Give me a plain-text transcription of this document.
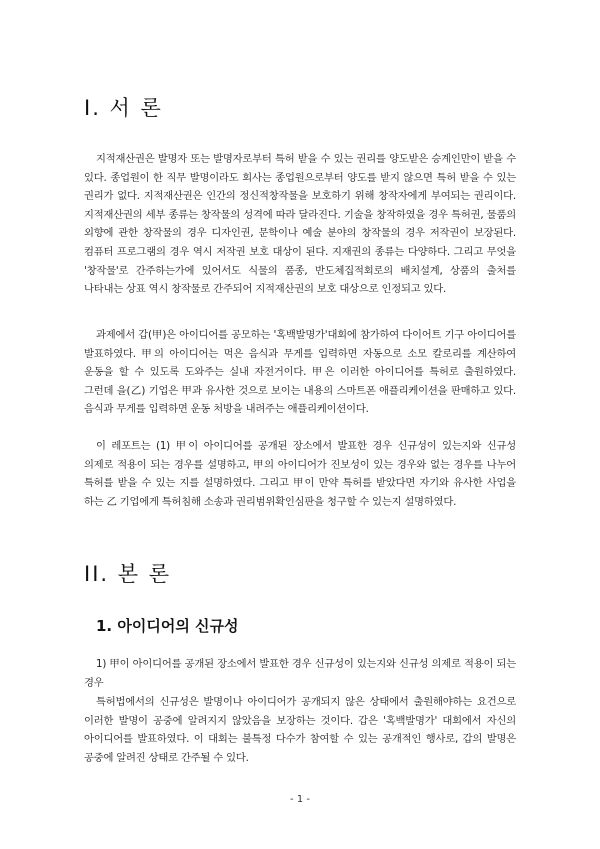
I. 서 론

지적재산권은 발명자 또는 발명자로부터 특허 받을 수 있는 권리를 양도받은 승계인만이 받을 수 있다. 종업원이 한 직무 발명이라도 회사는 종업원으로부터 양도를 받지 않으면 특허 받을 수 있는 권리가 없다. 지적재산권은 인간의 정신적창작물을 보호하기 위해 창작자에게 부여되는 권리이다. 지적재산권의 세부 종류는 창작물의 성격에 따라 달라진다. 기술을 창작하였을 경우 특허권, 물품의 외향에 관한 창작물의 경우 디자인권, 문학이나 예술 분야의 창작물의 경우 저작권이 보장된다. 컴퓨터 프로그램의 경우 역시 저작권 보호 대상이 된다. 지재권의 종류는 다양하다. 그리고 무엇을 '창작물'로 간주하는가에 있어서도 식물의 품종, 반도체집적회로의 배치설계, 상품의 출처를 나타내는 상표 역시 창작물로 간주되어 지적재산권의 보호 대상으로 인정되고 있다.

과제에서 갑(甲)은 아이디어를 공모하는 '혹백발명가'대회에 참가하여 다이어트 기구 아이디어를 발표하였다. 甲의 아이디어는 먹은 음식과 무게를 입력하면 자동으로 소모 칼로리를 계산하여 운동을 할 수 있도록 도와주는 실내 자전거이다. 甲은 이러한 아이디어를 특허로 출원하였다. 그런데 을(乙) 기업은 甲과 유사한 것으로 보이는 내용의 스마트폰 애플리케이션을 판매하고 있다. 음식과 무게를 입력하면 운동 처방을 내려주는 애플리케이션이다.

이 레포트는 (1) 甲이 아이디어를 공개된 장소에서 발표한 경우 신규성이 있는지와 신규성 의제로 적용이 되는 경우를 설명하고, 甲의 아이디어가 진보성이 있는 경우와 없는 경우를 나누어 특허를 받을 수 있는 지를 설명하였다. 그리고 甲이 만약 특허를 받았다면 자기와 유사한 사업을 하는 乙 기업에게 특허침해 소송과 권리범위확인심판을 청구할 수 있는지 설명하였다.

II. 본 론
1. 아이디어의 신규성

1) 甲이 아이디어를 공개된 장소에서 발표한 경우 신규성이 있는지와 신규성 의제로 적용이 되는 경우

특허법에서의 신규성은 발명이나 아이디어가 공개되지 않은 상태에서 출원해야하는 요건으로 이러한 발명이 공중에 알려지지 않았음을 보장하는 것이다. 갑은 '혹백발명가' 대회에서 자신의 아이디어를 발표하였다. 이 대회는 불특정 다수가 참여할 수 있는 공개적인 행사로, 갑의 발명은 공중에 알려진 상태로 간주될 수 있다.

- 1 -
